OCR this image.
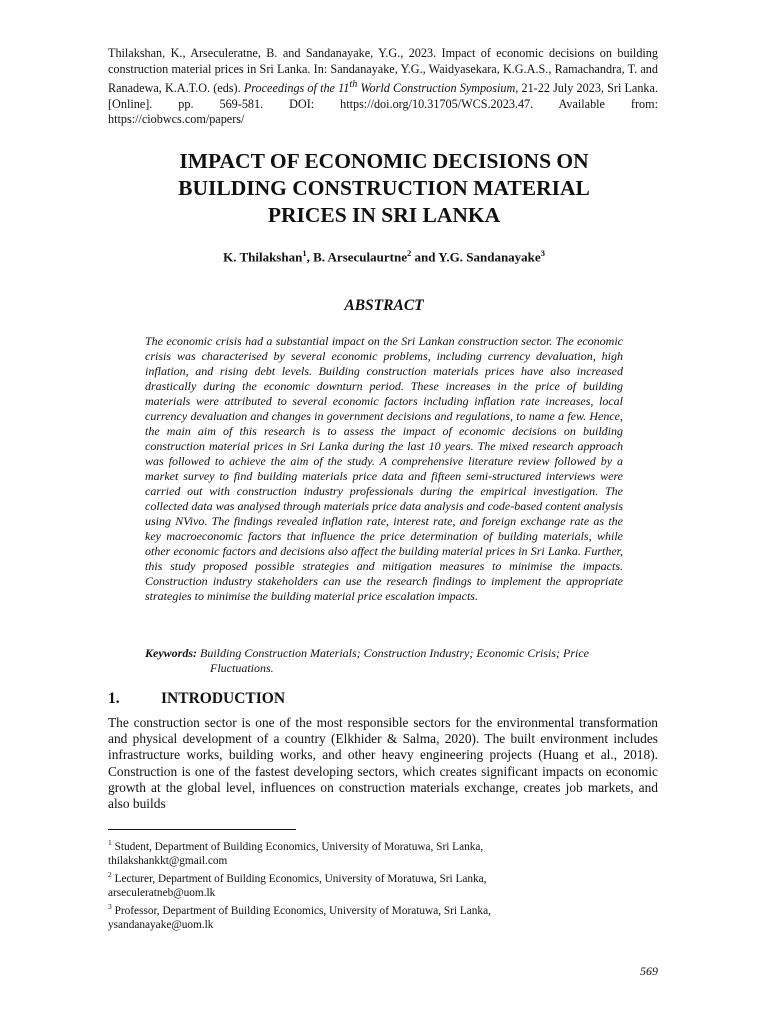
Thilakshan, K., Arseculeratne, B. and Sandanayake, Y.G., 2023. Impact of economic decisions on building construction material prices in Sri Lanka. In: Sandanayake, Y.G., Waidyasekara, K.G.A.S., Ramachandra, T. and Ranadewa, K.A.T.O. (eds). Proceedings of the 11th World Construction Symposium, 21-22 July 2023, Sri Lanka. [Online]. pp. 569-581. DOI: https://doi.org/10.31705/WCS.2023.47. Available from: https://ciobwcs.com/papers/
IMPACT OF ECONOMIC DECISIONS ON
BUILDING CONSTRUCTION MATERIAL
PRICES IN SRI LANKA
K. Thilakshan$^1$, B. Arseculaurtne$^2$ and Y.G. Sandanayake$^3$
ABSTRACT

The economic crisis had a substantial impact on the Sri Lankan construction sector. The economic crisis was characterised by several economic problems, including currency devaluation, high inflation, and rising debt levels. Building construction materials prices have also increased drastically during the economic downturn period. These increases in the price of building materials were attributed to several economic factors including inflation rate increases, local currency devaluation and changes in government decisions and regulations, to name a few. Hence, the main aim of this research is to assess the impact of economic decisions on building construction material prices in Sri Lanka during the last 10 years. The mixed research approach was followed to achieve the aim of the study. A comprehensive literature review followed by a market survey to find building materials price data and fifteen semi-structured interviews were carried out with construction industry professionals during the empirical investigation. The collected data was analysed through materials price data analysis and code-based content analysis using NVivo. The findings revealed inflation rate, interest rate, and foreign exchange rate as the key macroeconomic factors that influence the price determination of building materials, while other economic factors and decisions also affect the building material prices in Sri Lanka. Further, this study proposed possible strategies and mitigation measures to minimise the impacts. Construction industry stakeholders can use the research findings to implement the appropriate strategies to minimise the building material price escalation impacts.

Keywords: Building Construction Materials; Construction Industry; Economic Crisis; Price Fluctuations.
1.	INTRODUCTION

The construction sector is one of the most responsible sectors for the environmental transformation and physical development of a country (Elkhider & Salma, 2020). The built environment includes infrastructure works, building works, and other heavy engineering projects (Huang et al., 2018). Construction is one of the fastest developing sectors, which creates significant impacts on economic growth at the global level, influences on construction materials exchange, creates job markets, and also builds

$^1$ Student, Department of Building Economics, University of Moratuwa, Sri Lanka,
thilakshankkt@gmail.com
$^2$ Lecturer, Department of Building Economics, University of Moratuwa, Sri Lanka,
arseculeratneb@uom.lk
$^3$ Professor, Department of Building Economics, University of Moratuwa, Sri Lanka,
ysandanayake@uom.lk
569
